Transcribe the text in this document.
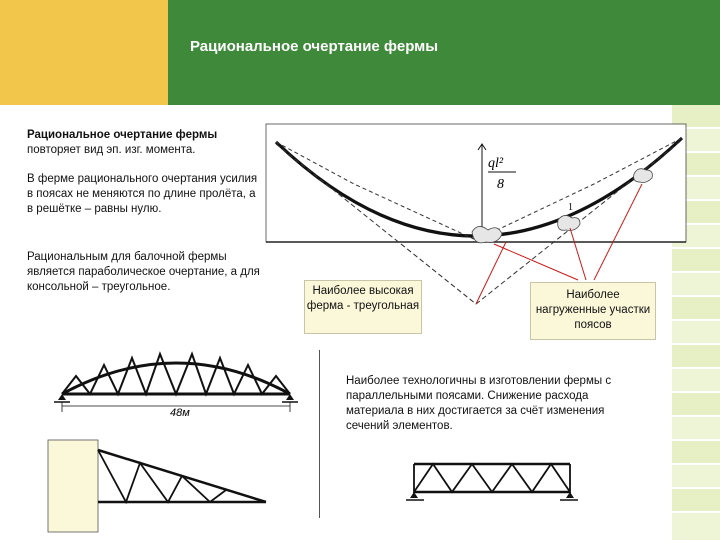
Рациональное очертание фермы
Рациональное очертание фермы
повторяет вид эп. изг. момента.
В ферме рационального очертания усилия в поясах не меняются по длине пролёта, а в решётке – равны нулю.
Рациональным для балочной фермы является параболическое очертание, а для консольной – треугольное.
ql²
8
1
Наиболее высокая ферма - треугольная
Наиболее нагруженные участки поясов
48м
Наиболее технологичны в изготовлении фермы с параллельными поясами. Снижение расхода материала в них достигается за счёт изменения сечений элементов.
